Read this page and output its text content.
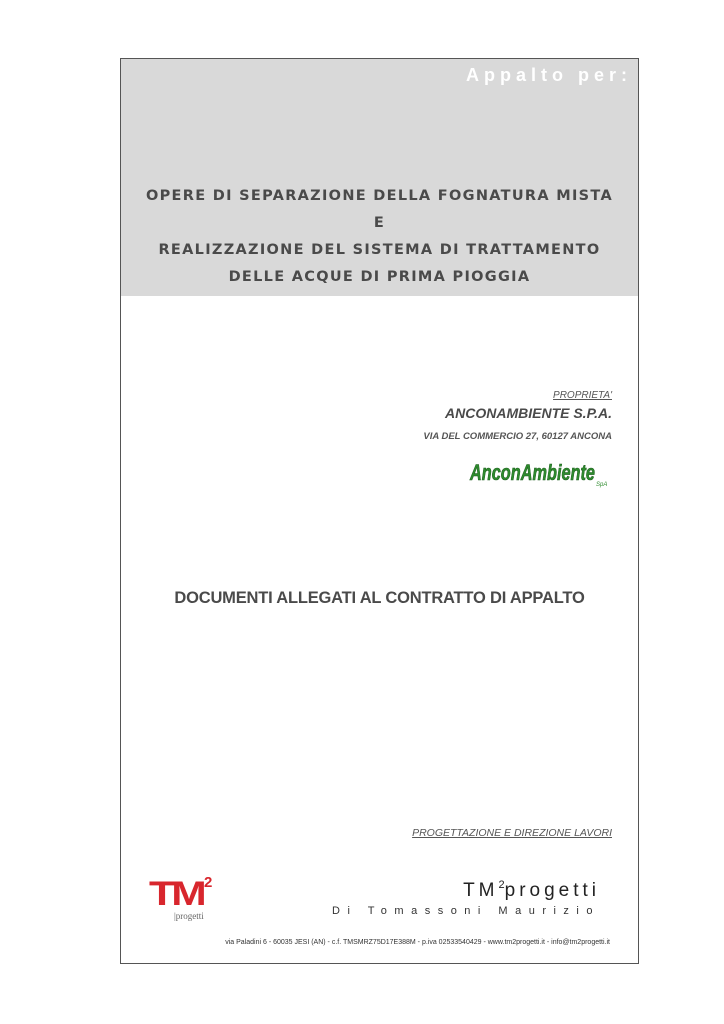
Appalto per:
OPERE DI SEPARAZIONE DELLA FOGNATURA MISTA
E
REALIZZAZIONE DEL SISTEMA DI TRATTAMENTO
DELLE ACQUE DI PRIMA PIOGGIA
PROPRIETA'
ANCONAMBIENTE S.P.A.
VIA DEL COMMERCIO 27, 60127 ANCONA
AnconAmbiente SpA
DOCUMENTI ALLEGATI AL CONTRATTO DI APPALTO
PROGETTAZIONE E DIREZIONE LAVORI
TM
2
|progetti
$TM^2progetti$
Di Tomassoni Maurizio
via Paladini 6 - 60035 JESI (AN) - c.f. TMSMRZ75D17E388M - p.iva 02533540429 - www.tm2progetti.it - info@tm2progetti.it
